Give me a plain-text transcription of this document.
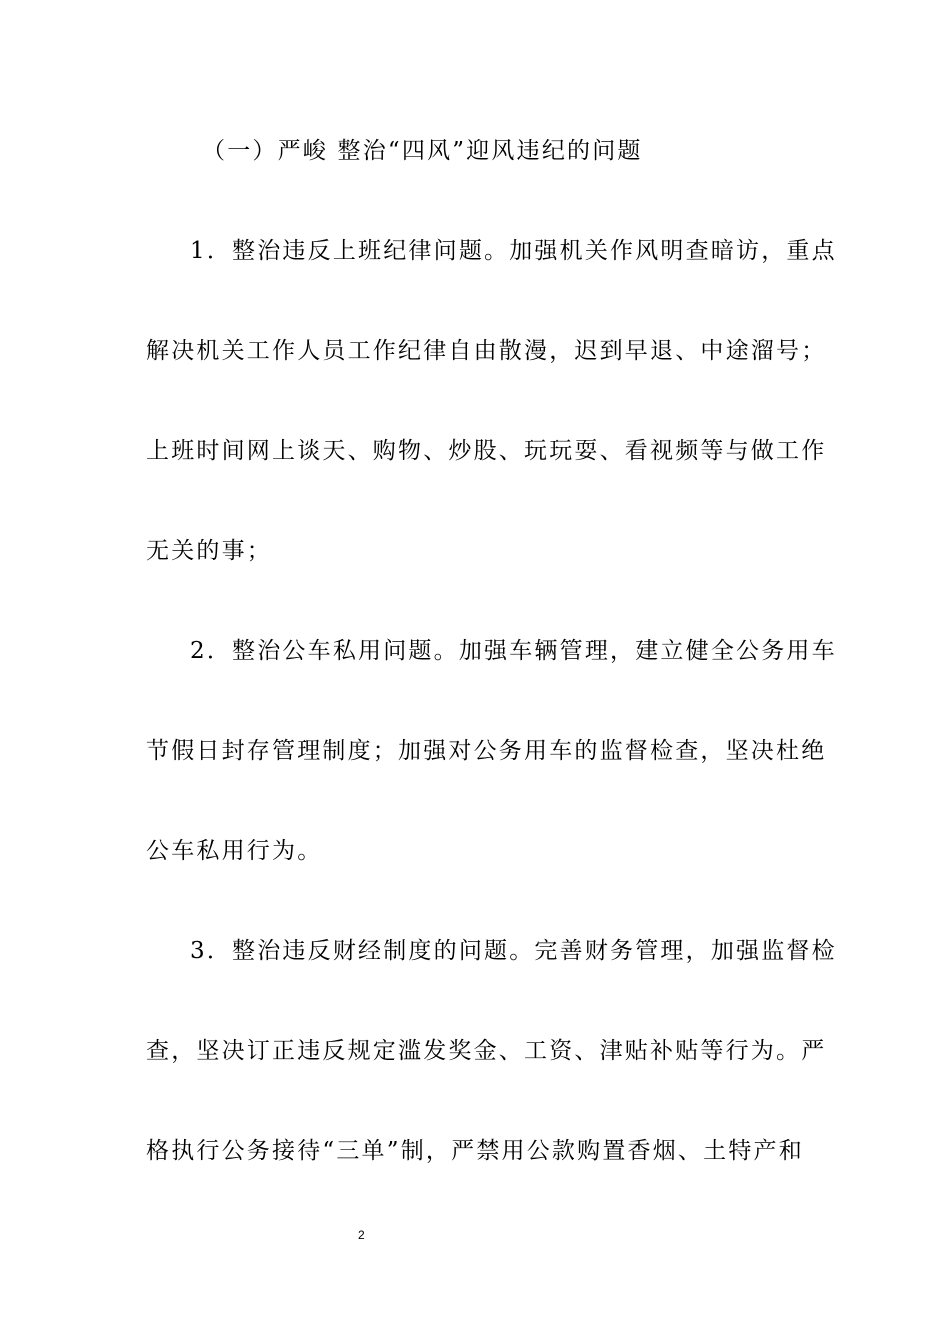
（一）严峻 整治“四风”迎风违纪的问题
1．整治违反上班纪律问题。加强机关作风明查暗访，重点
解决机关工作人员工作纪律自由散漫，迟到早退、中途溜号；
上班时间网上谈天、购物、炒股、玩玩耍、看视频等与做工作
无关的事；
2．整治公车私用问题。加强车辆管理，建立健全公务用车
节假日封存管理制度；加强对公务用车的监督检查，坚决杜绝
公车私用行为。
3．整治违反财经制度的问题。完善财务管理，加强监督检
查，坚决订正违反规定滥发奖金、工资、津贴补贴等行为。严
格执行公务接待“三单”制，严禁用公款购置香烟、土特产和
2
